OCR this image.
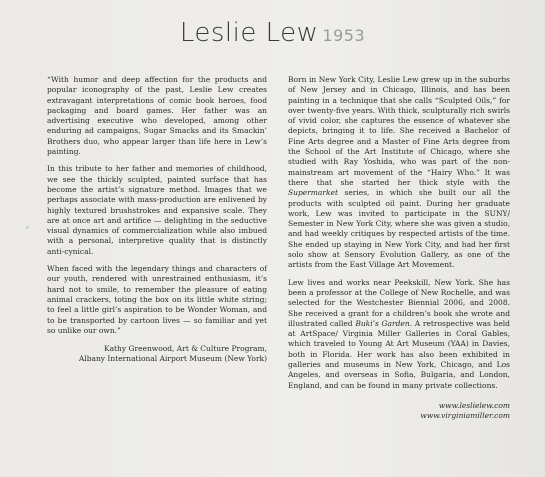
Leslie Lew 1953

“With humor and deep affection for the products and popular iconography of the past, Leslie Lew creates extravagant interpretations of comic book heroes, food packaging and board games. Her father was an advertising executive who developed, among other enduring ad campaigns, Sugar Smacks and its Smackin’ Brothers duo, who appear larger than life here in Lew’s painting.

In this tribute to her father and memories of childhood, we see the thickly sculpted, painted surface that has become the artist’s signature method. Images that we perhaps associate with mass-production are enlivened by highly textured brushstrokes and expansive scale. They are at once art and artifice — delighting in the seductive visual dynamics of commercialization while also imbued with a personal, interpretive quality that is distinctly anti-cynical.

When faced with the legendary things and characters of our youth, rendered with unrestrained enthusiasm, it’s hard not to smile, to remember the pleasure of eating animal crackers, toting the box on its little white string; to feel a little girl’s aspiration to be Wonder Woman, and to be transported by cartoon lives — so familiar and yet so unlike our own.”

Kathy Greenwood, Art & Culture Program,
Albany International Airport Museum (New York)

Born in New York City, Leslie Lew grew up in the suburbs of New Jersey and in Chicago, Illinois, and has been painting in a technique that she calls “Sculpted Oils,” for over twenty-five years. With thick, sculpturally rich swirls of vivid color, she captures the essence of whatever she depicts, bringing it to life. She received a Bachelor of Fine Arts degree and a Master of Fine Arts degree from the School of the Art Institute of Chicago, where she studied with Ray Yoshida, who was part of the non-mainstream art movement of the “Hairy Who.” It was there that she started her thick style with the Supermarket series, in which she built our all the products with sculpted oil paint. During her graduate work, Lew was invited to participate in the SUNY/ Semester in New York City, where she was given a studio, and had weekly critiques by respected artists of the time. She ended up staying in New York City, and had her first solo show at Sensory Evolution Gallery, as one of the artists from the East Village Art Movement.

Lew lives and works near Peekskill, New York. She has been a professor at the College of New Rochelle, and was selected for the Westchester Biennial 2006, and 2008. She received a grant for a children’s book she wrote and illustrated called Buki’s Garden. A retrospective was held at ArtSpace/ Virginia Miller Galleries in Coral Gables, which traveled to Young At Art Museum (YAA) in Davies, both in Florida. Her work has also been exhibited in galleries and museums in New York, Chicago, and Los Angeles, and overseas in Sofia, Bulgaria, and London, England, and can be found in many private collections.

www.leslielew.com
www.virginiamiller.com
